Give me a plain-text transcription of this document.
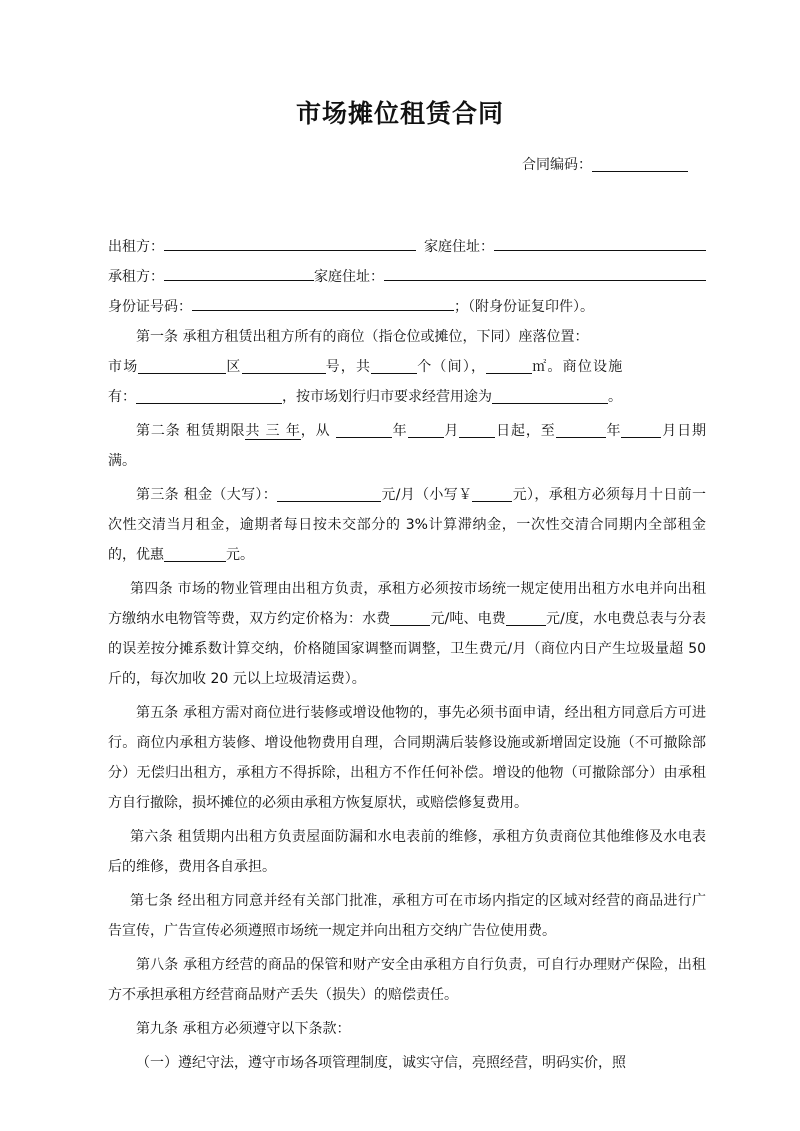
市场摊位租赁合同
合同编码：
出租方：	家庭住址：
承租方：	家庭住址：
身份证号码：	；（附身份证复印件）。
第一条 承租方租赁出租方所有的商位（指仓位或摊位，下同）座落位置：
市场	区	号，共	个（间），	㎡。商位设施
有：	，按市场划行归市要求经营用途为	。
第二条 租赁期限共 三 年，从	年	月	日起，至	年	月日期满。
第三条 租金（大写）：	元/月（小写￥	元），承租方必须每月十日前一次性交清当月租金，逾期者每日按未交部分的 3%计算滞纳金，一次性交清合同期内全部租金的，优惠	元。
第四条 市场的物业管理由出租方负责，承租方必须按市场统一规定使用出租方水电并向出租方缴纳水电物管等费，双方约定价格为：水费	元/吨、电费	元/度，水电费总表与分表的误差按分摊系数计算交纳，价格随国家调整而调整，卫生费元/月（商位内日产生垃圾量超 50 斤的，每次加收 20 元以上垃圾清运费）。
第五条 承租方需对商位进行装修或增设他物的，事先必须书面申请，经出租方同意后方可进行。商位内承租方装修、增设他物费用自理，合同期满后装修设施或新增固定设施（不可撤除部分）无偿归出租方，承租方不得拆除，出租方不作任何补偿。增设的他物（可撤除部分）由承租方自行撤除，损坏摊位的必须由承租方恢复原状，或赔偿修复费用。
第六条 租赁期内出租方负责屋面防漏和水电表前的维修，承租方负责商位其他维修及水电表后的维修，费用各自承担。
第七条 经出租方同意并经有关部门批准，承租方可在市场内指定的区域对经营的商品进行广告宣传，广告宣传必须遵照市场统一规定并向出租方交纳广告位使用费。
第八条 承租方经营的商品的保管和财产安全由承租方自行负责，可自行办理财产保险，出租方不承担承租方经营商品财产丢失（损失）的赔偿责任。
第九条 承租方必须遵守以下条款：
（一）遵纪守法，遵守市场各项管理制度，诚实守信，亮照经营，明码实价，照
